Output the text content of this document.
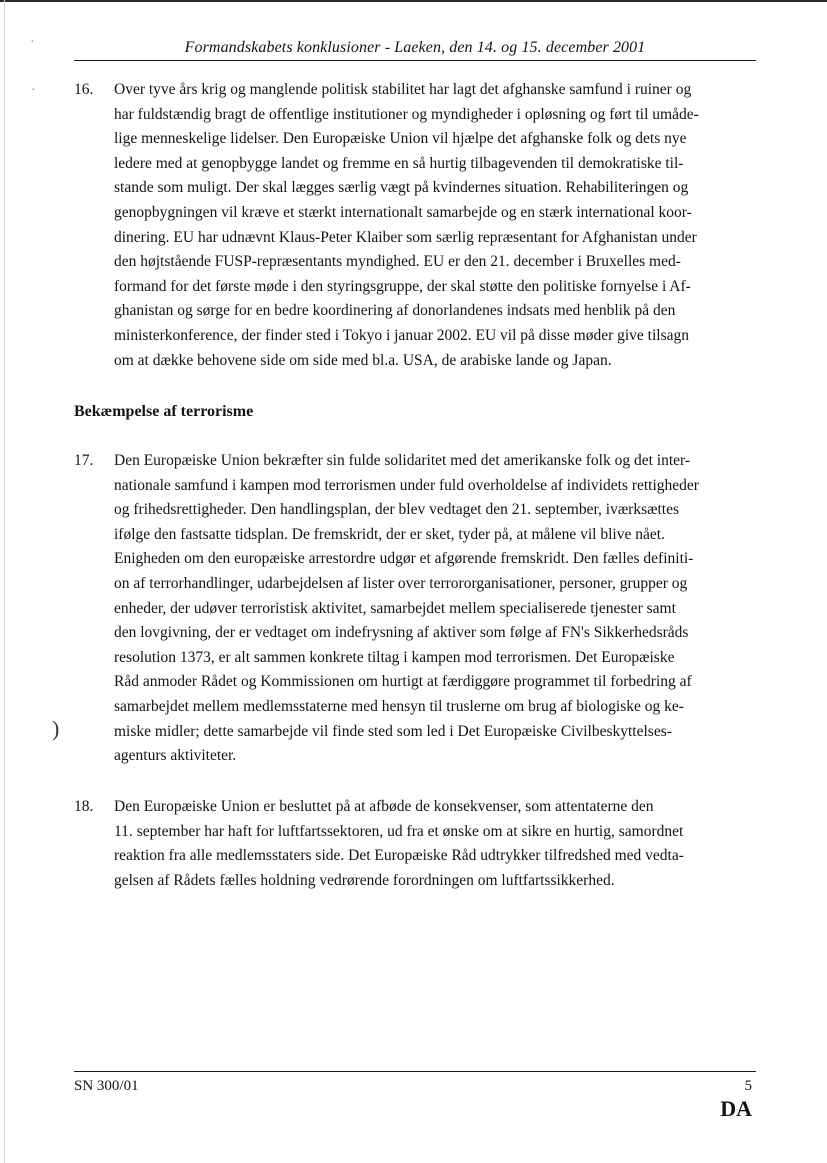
Formandskabets konklusioner - Laeken, den 14. og 15. december 2001
16. Over tyve års krig og manglende politisk stabilitet har lagt det afghanske samfund i ruiner og
har fuldstændig bragt de offentlige institutioner og myndigheder i opløsning og ført til umåde-
lige menneskelige lidelser. Den Europæiske Union vil hjælpe det afghanske folk og dets nye
ledere med at genopbygge landet og fremme en så hurtig tilbagevenden til demokratiske til-
stande som muligt. Der skal lægges særlig vægt på kvindernes situation. Rehabiliteringen og
genopbygningen vil kræve et stærkt internationalt samarbejde og en stærk international koor-
dinering. EU har udnævnt Klaus-Peter Klaiber som særlig repræsentant for Afghanistan under
den højtstående FUSP-repræsentants myndighed. EU er den 21. december i Bruxelles med-
formand for det første møde i den styringsgruppe, der skal støtte den politiske fornyelse i Af-
ghanistan og sørge for en bedre koordinering af donorlandenes indsats med henblik på den
ministerkonference, der finder sted i Tokyo i januar 2002. EU vil på disse møder give tilsagn
om at dække behovene side om side med bl.a. USA, de arabiske lande og Japan.
Bekæmpelse af terrorisme
17. Den Europæiske Union bekræfter sin fulde solidaritet med det amerikanske folk og det inter-
nationale samfund i kampen mod terrorismen under fuld overholdelse af individets rettigheder
og frihedsrettigheder. Den handlingsplan, der blev vedtaget den 21. september, iværksættes
ifølge den fastsatte tidsplan. De fremskridt, der er sket, tyder på, at målene vil blive nået.
Enigheden om den europæiske arrestordre udgør et afgørende fremskridt. Den fælles definiti-
on af terrorhandlinger, udarbejdelsen af lister over terrororganisationer, personer, grupper og
enheder, der udøver terroristisk aktivitet, samarbejdet mellem specialiserede tjenester samt
den lovgivning, der er vedtaget om indefrysning af aktiver som følge af FN's Sikkerhedsråds
resolution 1373, er alt sammen konkrete tiltag i kampen mod terrorismen. Det Europæiske
Råd anmoder Rådet og Kommissionen om hurtigt at færdiggøre programmet til forbedring af
samarbejdet mellem medlemsstaterne med hensyn til truslerne om brug af biologiske og ke-
miske midler; dette samarbejde vil finde sted som led i Det Europæiske Civilbeskyttelses-
agenturs aktiviteter.
18. Den Europæiske Union er besluttet på at afbøde de konsekvenser, som attentaterne den
11. september har haft for luftfartssektoren, ud fra et ønske om at sikre en hurtig, samordnet
reaktion fra alle medlemsstaters side. Det Europæiske Råd udtrykker tilfredshed med vedta-
gelsen af Rådets fælles holdning vedrørende forordningen om luftfartssikkerhed.
·
·
)
SN 300/01	5
DA
